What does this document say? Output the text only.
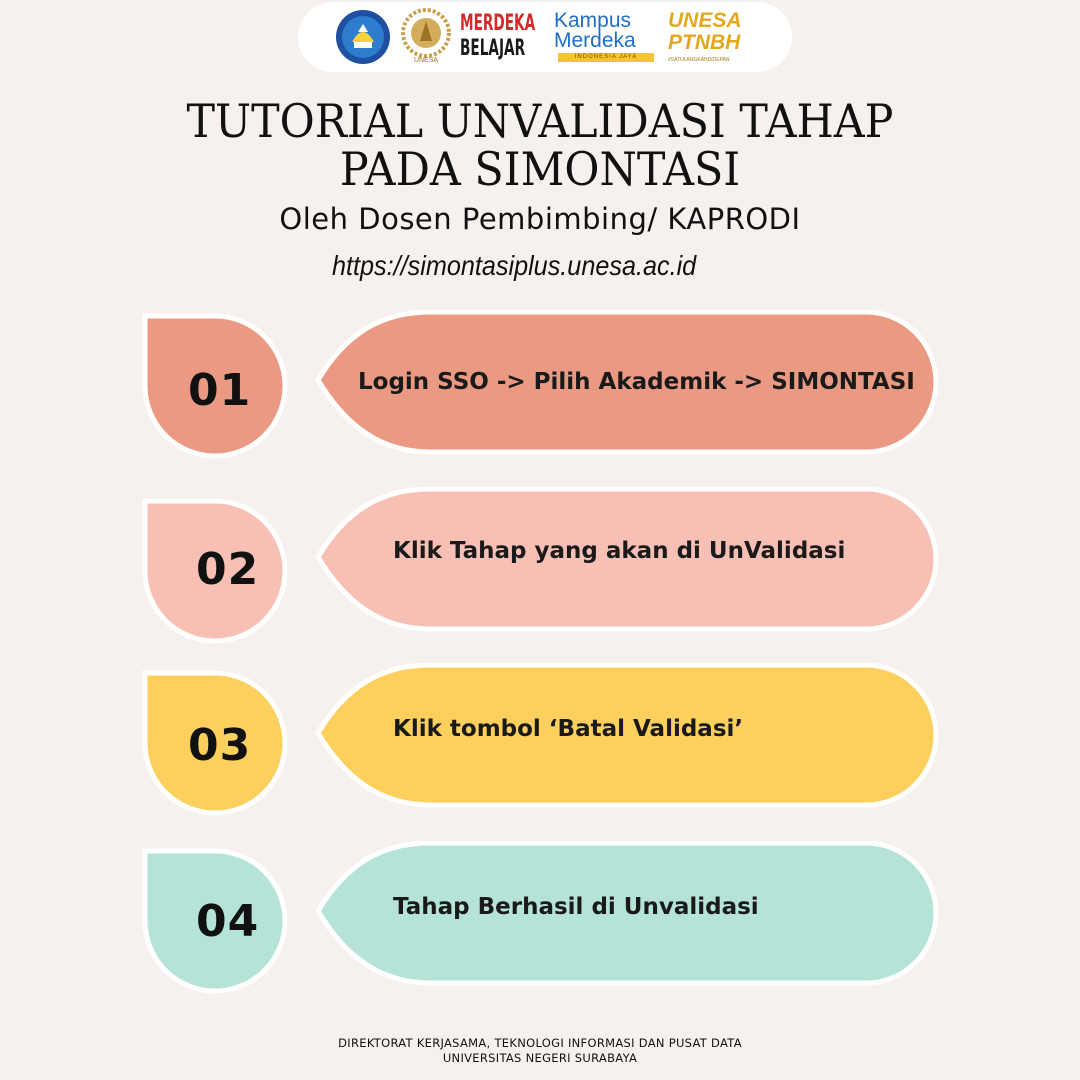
UNESA
MERDEKA
BELAJAR
Kampus
Merdeka
INDONESIA JAYA
UNESA
PTNBH
#SATULANGKAHDIDEPAN
TUTORIAL UNVALIDASI TAHAP
PADA SIMONTASI
Oleh Dosen Pembimbing/ KAPRODI
https://simontasiplus.unesa.ac.id
01	Login SSO -> Pilih Akademik -> SIMONTASI
02	Klik Tahap yang akan di UnValidasi
03	Klik tombol ‘Batal Validasi’
04	Tahap Berhasil di Unvalidasi
DIREKTORAT KERJASAMA, TEKNOLOGI INFORMASI DAN PUSAT DATA
UNIVERSITAS NEGERI SURABAYA
